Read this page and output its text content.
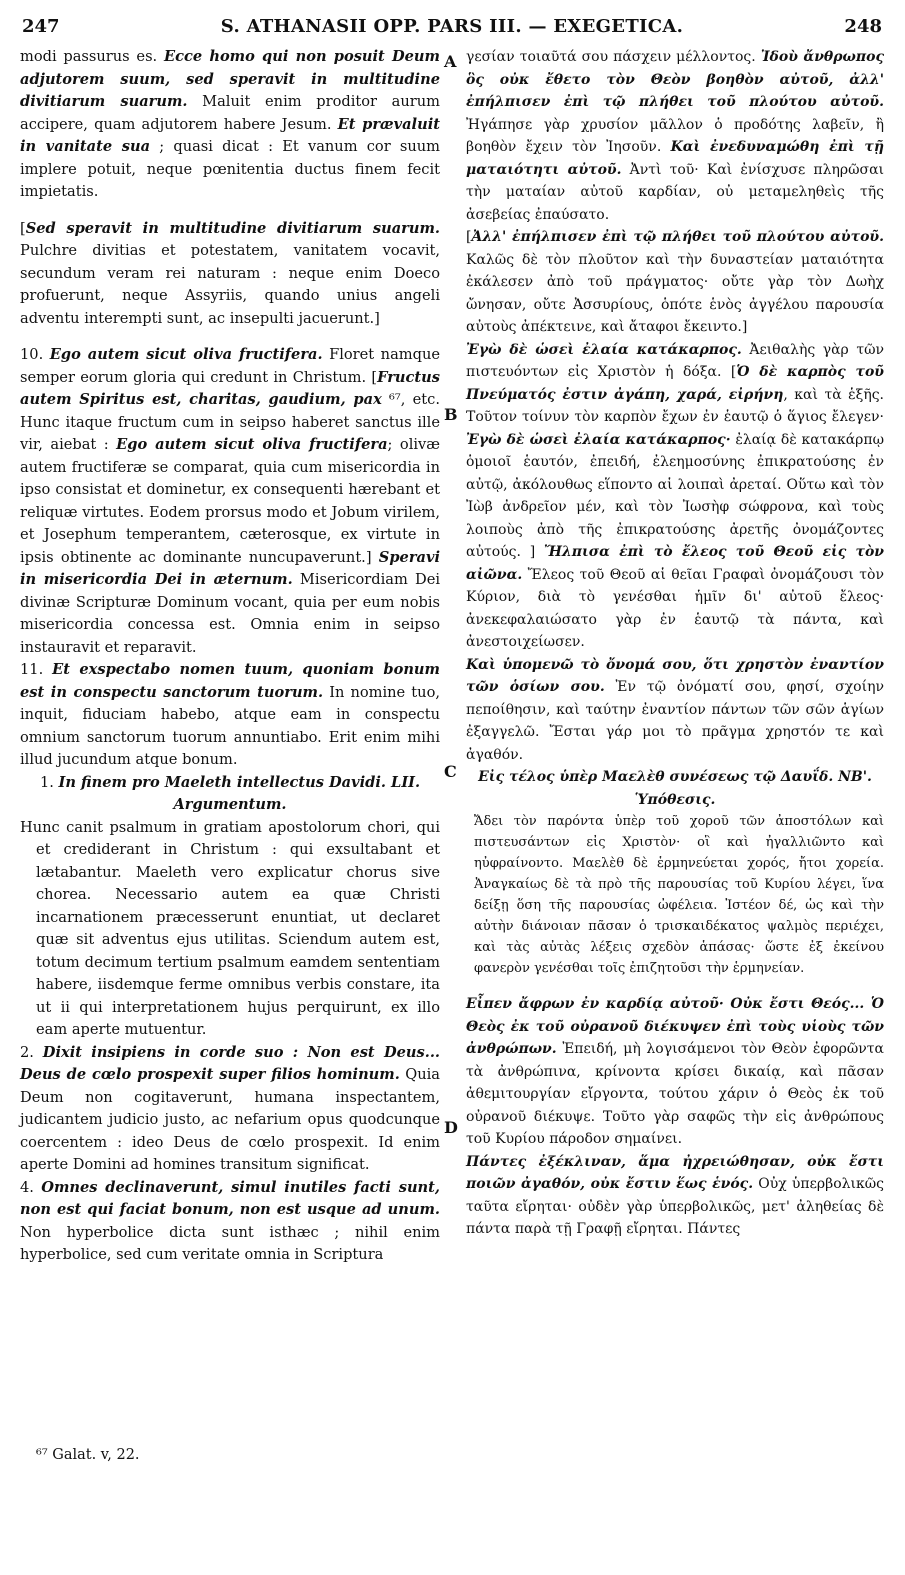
247	S. ATHANASII OPP. PARS III. — EXEGETICA.	248
A
B
C
D

modi passurus es. Ecce homo qui non posuit Deum adjutorem suum, sed speravit in multitudine divitiarum suarum. Maluit enim proditor aurum accipere, quam adjutorem habere Jesum. Et prævaluit in vanitate sua ; quasi dicat : Et vanum cor suum implere potuit, neque pœnitentia ductus finem fecit impietatis.

[Sed speravit in multitudine divitiarum suarum. Pulchre divitias et potestatem, vanitatem vocavit, secundum veram rei naturam : neque enim Doeco profuerunt, neque Assyriis, quando unius angeli adventu interempti sunt, ac insepulti jacuerunt.]

10. Ego autem sicut oliva fructifera. Floret namque semper eorum gloria qui credunt in Christum. [Fructus autem Spiritus est, charitas, gaudium, pax ⁶⁷, etc. Hunc itaque fructum cum in seipso haberet sanctus ille vir, aiebat : Ego autem sicut oliva fructifera; olivæ autem fructiferæ se comparat, quia cum misericordia in ipso consistat et dominetur, ex consequenti hærebant et reliquæ virtutes. Eodem prorsus modo et Jobum virilem, et Josephum temperantem, cæterosque, ex virtute in ipsis obtinente ac dominante nuncupaverunt.] Speravi in misericordia Dei in æternum. Misericordiam Dei divinæ Scripturæ Dominum vocant, quia per eum nobis misericordia concessa est. Omnia enim in seipso instauravit et reparavit.

11. Et exspectabo nomen tuum, quoniam bonum est in conspectu sanctorum tuorum. In nomine tuo, inquit, fiduciam habebo, atque eam in conspectu omnium sanctorum tuorum annuntiabo. Erit enim mihi illud jucundum atque bonum.

1. In finem pro Maeleth intellectus Davidi. LII.
Argumentum.

Hunc canit psalmum in gratiam apostolorum chori, qui et crediderant in Christum : qui exsultabant et lætabantur. Maeleth vero explicatur chorus sive chorea. Necessario autem ea quæ Christi incarnationem præcesserunt enuntiat, ut declaret quæ sit adventus ejus utilitas. Sciendum autem est, totum decimum tertium psalmum eamdem sententiam habere, iisdemque ferme omnibus verbis constare, ita ut ii qui interpretationem hujus perquirunt, ex illo eam aperte mutuentur.

2. Dixit insipiens in corde suo : Non est Deus... Deus de cœlo prospexit super filios hominum. Quia Deum non cogitaverunt, humana inspectantem, judicantem judicio justo, ac nefarium opus quodcunque coercentem : ideo Deus de cœlo prospexit. Id enim aperte Domini ad homines transitum significat.

4. Omnes declinaverunt, simul inutiles facti sunt, non est qui faciat bonum, non est usque ad unum. Non hyperbolice dicta sunt isthæc ; nihil enim hyperbolice, sed cum veritate omnia in Scriptura

γεσίαν τοιαῦτά σου πάσχειν μέλλοντος. Ἰδοὺ ἄνθρωπος ὃς οὐκ ἔθετο τὸν Θεὸν βοηθὸν αὐτοῦ, ἀλλ' ἐπήλπισεν ἐπὶ τῷ πλήθει τοῦ πλούτου αὐτοῦ. Ἠγάπησε γὰρ χρυσίον μᾶλλον ὁ προδότης λαβεῖν, ἢ βοηθὸν ἔχειν τὸν Ἰησοῦν. Καὶ ἐνεδυναμώθη ἐπὶ τῇ ματαιότητι αὐτοῦ. Ἀντὶ τοῦ· Καὶ ἐνίσχυσε πληρῶσαι τὴν ματαίαν αὐτοῦ καρδίαν, οὐ μεταμεληθεὶς τῆς ἀσεβείας ἐπαύσατο.

[Ἀλλ' ἐπήλπισεν ἐπὶ τῷ πλήθει τοῦ πλούτου αὐτοῦ. Καλῶς δὲ τὸν πλοῦτον καὶ τὴν δυναστείαν ματαιότητα ἐκάλεσεν ἀπὸ τοῦ πράγματος· οὔτε γὰρ τὸν Δωὴχ ὤνησαν, οὔτε Ἀσσυρίους, ὁπότε ἑνὸς ἀγγέλου παρουσία αὐτοὺς ἀπέκτεινε, καὶ ἄταφοι ἔκειντο.]

Ἐγὼ δὲ ὡσεὶ ἐλαία κατάκαρπος. Ἀειθαλὴς γὰρ τῶν πιστευόντων εἰς Χριστὸν ἡ δόξα. [Ὁ δὲ καρπὸς τοῦ Πνεύματός ἐστιν ἀγάπη, χαρά, εἰρήνη, καὶ τὰ ἑξῆς. Τοῦτον τοίνυν τὸν καρπὸν ἔχων ἐν ἑαυτῷ ὁ ἅγιος ἔλεγεν· Ἐγὼ δὲ ὡσεὶ ἐλαία κατάκαρπος· ἐλαίᾳ δὲ κατακάρπῳ ὁμοιοῖ ἑαυτόν, ἐπειδή, ἐλεημοσύνης ἐπικρατούσης ἐν αὐτῷ, ἀκόλουθως εἵποντο αἱ λοιπαὶ ἀρεταί. Οὕτω καὶ τὸν Ἰὼβ ἀνδρεῖον μέν, καὶ τὸν Ἰωσὴφ σώφρονα, καὶ τοὺς λοιποὺς ἀπὸ τῆς ἐπικρατούσης ἀρετῆς ὀνομάζοντες αὐτούς. ] Ἤλπισα ἐπὶ τὸ ἔλεος τοῦ Θεοῦ εἰς τὸν αἰῶνα. Ἔλεος τοῦ Θεοῦ αἱ θεῖαι Γραφαὶ ὀνομάζουσι τὸν Κύριον, διὰ τὸ γενέσθαι ἡμῖν δι' αὐτοῦ ἔλεος· ἀνεκεφαλαιώσατο γὰρ ἐν ἑαυτῷ τὰ πάντα, καὶ ἀνεστοιχείωσεν.

Καὶ ὑπομενῶ τὸ ὄνομά σου, ὅτι χρηστὸν ἐναντίον τῶν ὁσίων σου. Ἐν τῷ ὀνόματί σου, φησί, σχοίην πεποίθησιν, καὶ ταύτην ἐναντίον πάντων τῶν σῶν ἁγίων ἐξαγγελῶ. Ἔσται γάρ μοι τὸ πρᾶγμα χρηστόν τε καὶ ἀγαθόν.

Εἰς τέλος ὑπὲρ Μαελὲθ συνέσεως τῷ Δαυΐδ. ΝΒ'.
Ὑπόθεσις.

Ἄδει τὸν παρόντα ὑπὲρ τοῦ χοροῦ τῶν ἀποστόλων καὶ πιστευσάντων εἰς Χριστὸν· οἳ καὶ ἠγαλλιῶντο καὶ ηὐφραίνοντο. Μαελὲθ δὲ ἑρμηνεύεται χορός, ἤτοι χορεία. Ἀναγκαίως δὲ τὰ πρὸ τῆς παρουσίας τοῦ Κυρίου λέγει, ἵνα δείξῃ ὅση τῆς παρουσίας ὠφέλεια. Ἰστέον δέ, ὡς καὶ τὴν αὐτὴν διάνοιαν πᾶσαν ὁ τρισκαιδέκατος ψαλμὸς περιέχει, καὶ τὰς αὐτὰς λέξεις σχεδὸν ἁπάσας· ὥστε ἐξ ἐκείνου φανερὸν γενέσθαι τοῖς ἐπιζητοῦσι τὴν ἑρμηνείαν.

Εἶπεν ἄφρων ἐν καρδίᾳ αὐτοῦ· Οὐκ ἔστι Θεός... Ὁ Θεὸς ἐκ τοῦ οὐρανοῦ διέκυψεν ἐπὶ τοὺς υἱοὺς τῶν ἀνθρώπων. Ἐπειδή, μὴ λογισάμενοι τὸν Θεὸν ἐφορῶντα τὰ ἀνθρώπινα, κρίνοντα κρίσει δικαίᾳ, καὶ πᾶσαν ἀθεμιτουργίαν εἴργοντα, τούτου χάριν ὁ Θεὸς ἐκ τοῦ οὐρανοῦ διέκυψε. Τοῦτο γὰρ σαφῶς τὴν εἰς ἀνθρώπους τοῦ Κυρίου πάροδον σημαίνει.

Πάντες ἐξέκλιναν, ἅμα ἠχρειώθησαν, οὐκ ἔστι ποιῶν ἀγαθόν, οὐκ ἔστιν ἕως ἑνός. Οὐχ ὑπερβολικῶς ταῦτα εἴρηται· οὐδὲν γὰρ ὑπερβολικῶς, μετ' ἀληθείας δὲ πάντα παρὰ τῇ Γραφῇ εἴρηται. Πάντες

⁶⁷ Galat. v, 22.
